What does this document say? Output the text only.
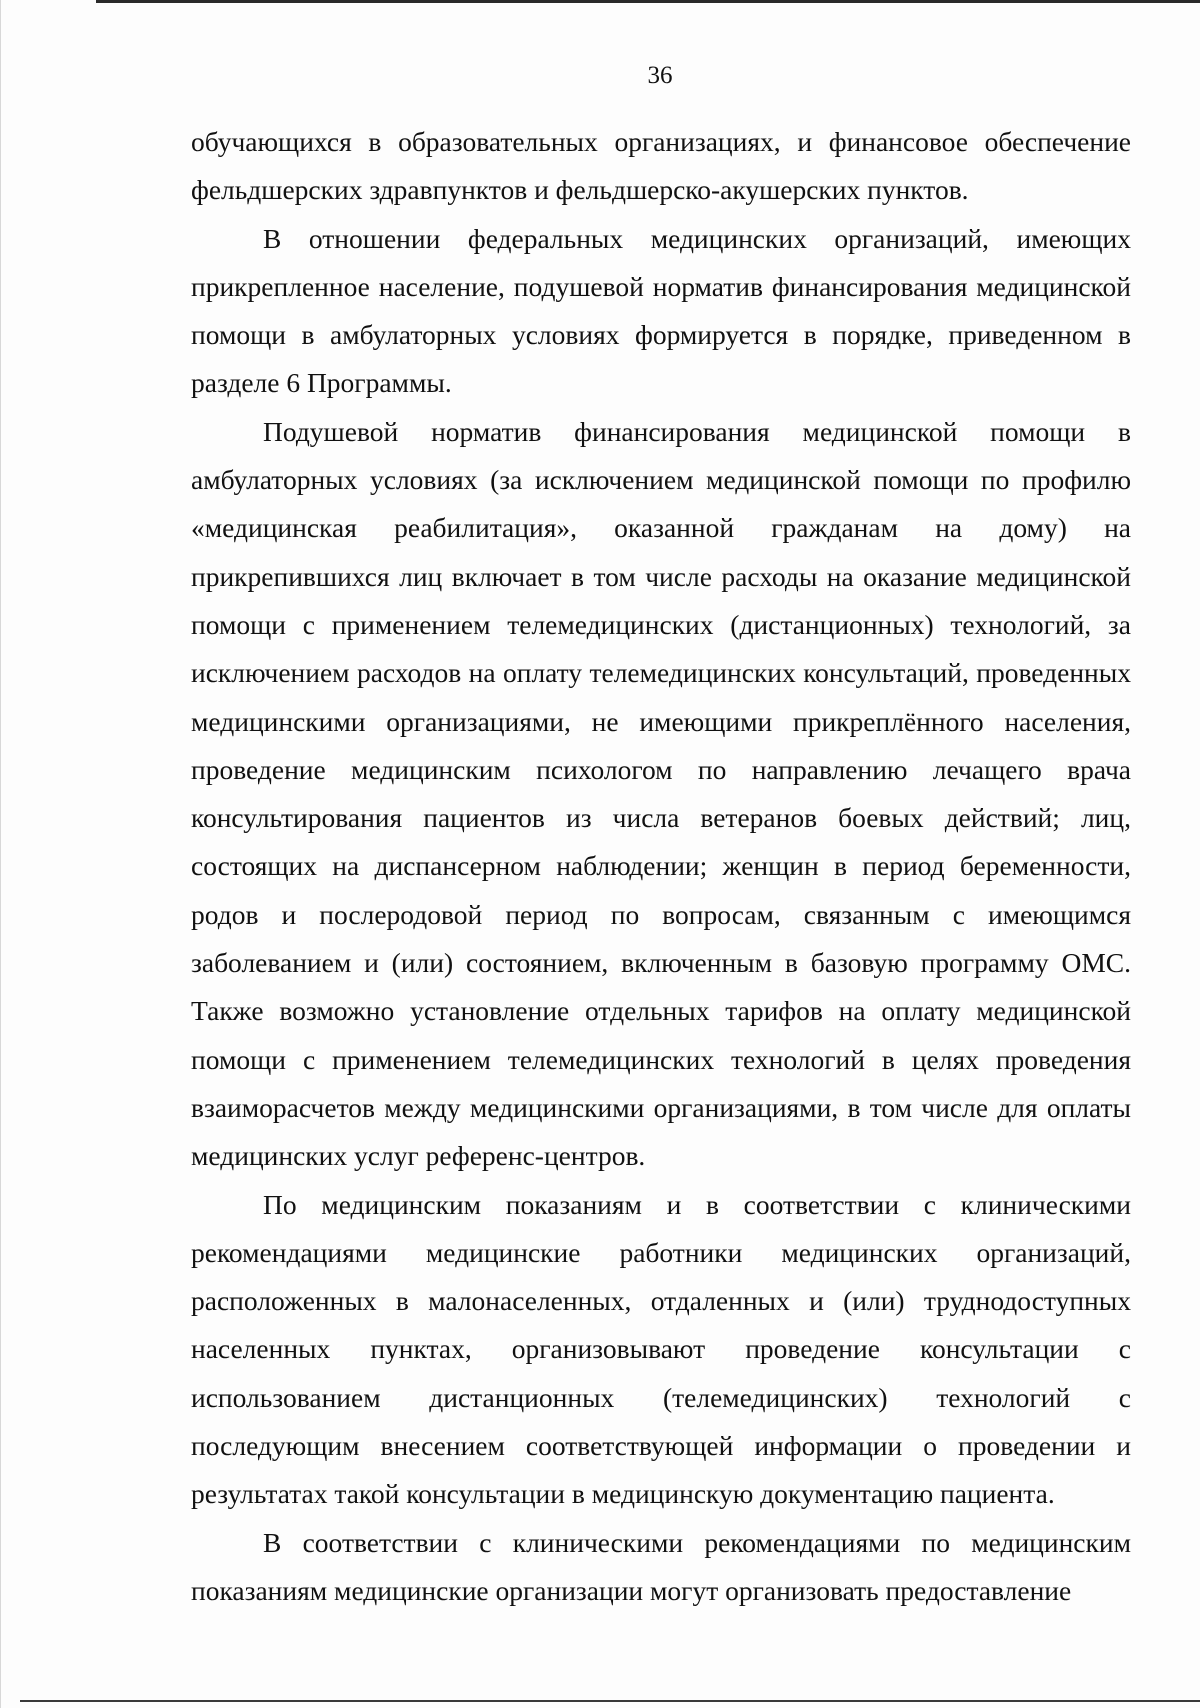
36

обучающихся в образовательных организациях, и финансовое обеспечение фельдшерских здравпунктов и фельдшерско-акушерских пунктов.

В отношении федеральных медицинских организаций, имеющих прикрепленное население, подушевой норматив финансирования медицинской помощи в амбулаторных условиях формируется в порядке, приведенном в разделе 6 Программы.

Подушевой норматив финансирования медицинской помощи в амбулаторных условиях (за исключением медицинской помощи по профилю «медицинская реабилитация», оказанной гражданам на дому) на прикрепившихся лиц включает в том числе расходы на оказание медицинской помощи с применением телемедицинских (дистанционных) технологий, за исключением расходов на оплату телемедицинских консультаций, проведенных медицинскими организациями, не имеющими прикреплённого населения, проведение медицинским психологом по направлению лечащего врача консультирования пациентов из числа ветеранов боевых действий; лиц, состоящих на диспансерном наблюдении; женщин в период беременности, родов и послеродовой период по вопросам, связанным с имеющимся заболеванием и (или) состоянием, включенным в базовую программу ОМС. Также возможно установление отдельных тарифов на оплату медицинской помощи с применением телемедицинских технологий в целях проведения взаиморасчетов между медицинскими организациями, в том числе для оплаты медицинских услуг референс-центров.

По медицинским показаниям и в соответствии с клиническими рекомендациями медицинские работники медицинских организаций, расположенных в малонаселенных, отдаленных и (или) труднодоступных населенных пунктах, организовывают проведение консультации с использованием дистанционных (телемедицинских) технологий с последующим внесением соответствующей информации о проведении и результатах такой консультации в медицинскую документацию пациента.

В соответствии с клиническими рекомендациями по медицинским показаниям медицинские организации могут организовать предоставление
